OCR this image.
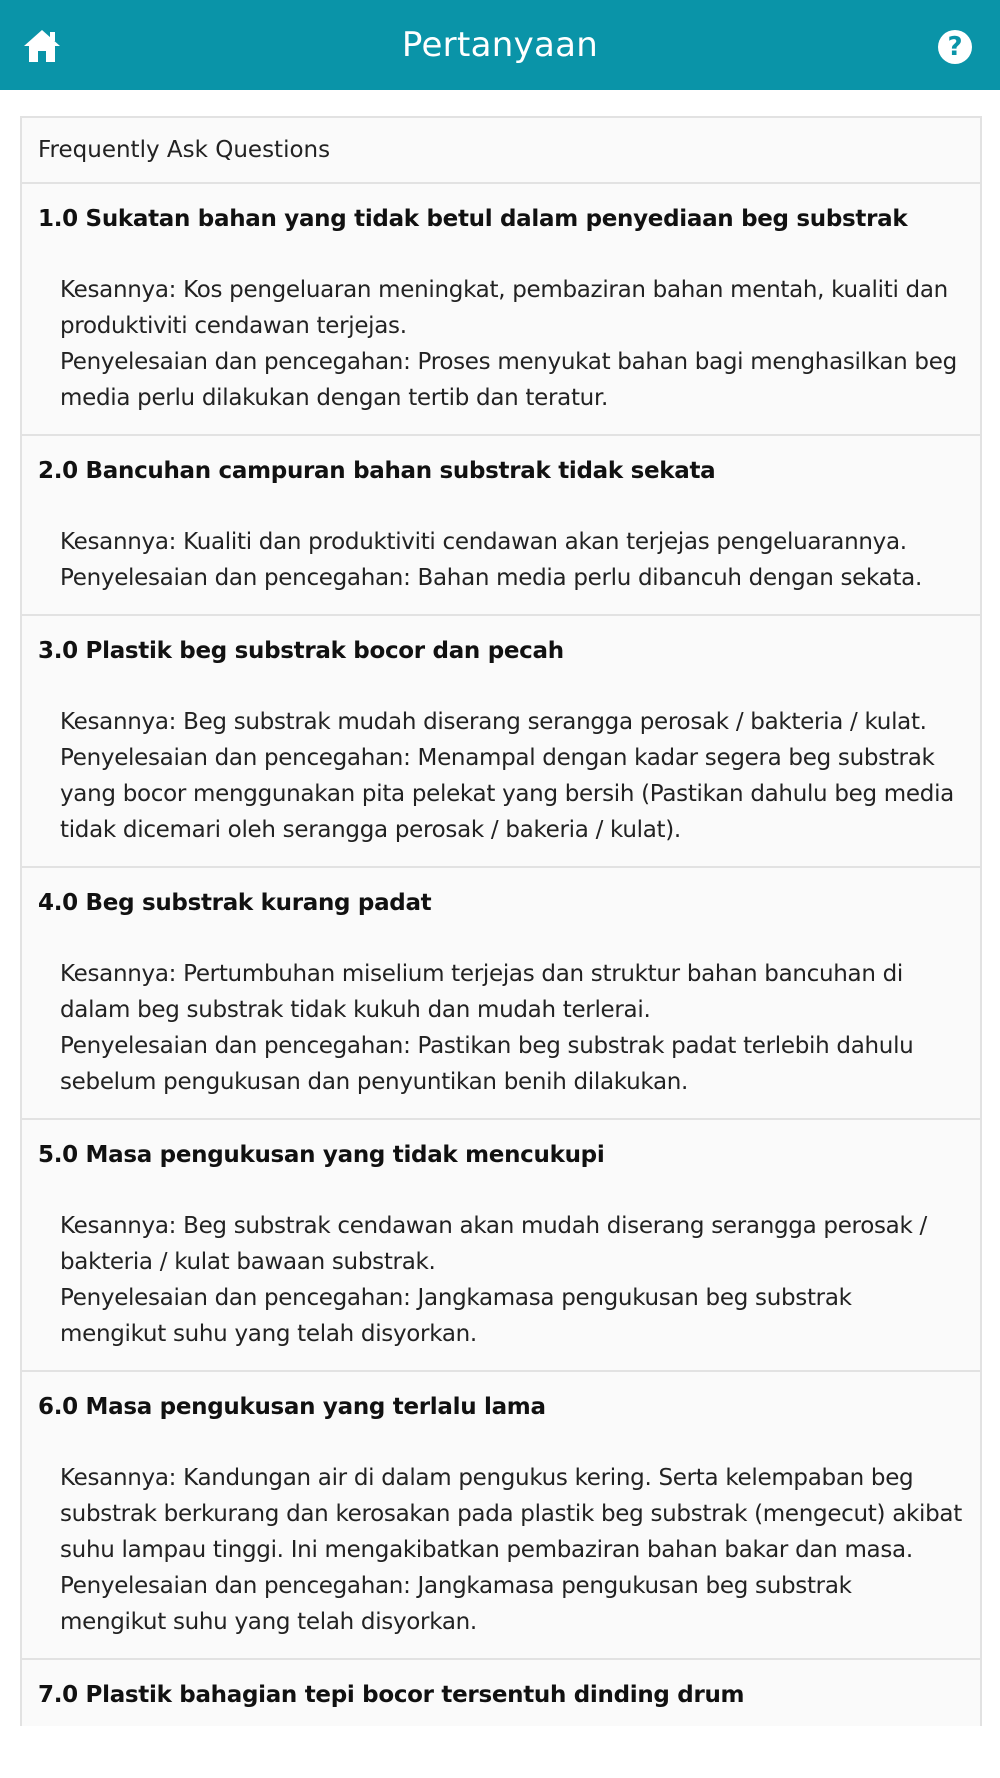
Pertanyaan	?
Frequently Ask Questions
1.0 Sukatan bahan yang tidak betul dalam penyediaan beg substrak
Kesannya: Kos pengeluaran meningkat, pembaziran bahan mentah, kualiti dan produktiviti cendawan terjejas.
Penyelesaian dan pencegahan: Proses menyukat bahan bagi menghasilkan beg media perlu dilakukan dengan tertib dan teratur.
2.0 Bancuhan campuran bahan substrak tidak sekata
Kesannya: Kualiti dan produktiviti cendawan akan terjejas pengeluarannya.
Penyelesaian dan pencegahan: Bahan media perlu dibancuh dengan sekata.
3.0 Plastik beg substrak bocor dan pecah
Kesannya: Beg substrak mudah diserang serangga perosak / bakteria / kulat.
Penyelesaian dan pencegahan: Menampal dengan kadar segera beg substrak yang bocor menggunakan pita pelekat yang bersih (Pastikan dahulu beg media tidak dicemari oleh serangga perosak / bakeria / kulat).
4.0 Beg substrak kurang padat
Kesannya: Pertumbuhan miselium terjejas dan struktur bahan bancuhan di dalam beg substrak tidak kukuh dan mudah terlerai.
Penyelesaian dan pencegahan: Pastikan beg substrak padat terlebih dahulu sebelum pengukusan dan penyuntikan benih dilakukan.
5.0 Masa pengukusan yang tidak mencukupi
Kesannya: Beg substrak cendawan akan mudah diserang serangga perosak / bakteria / kulat bawaan substrak.
Penyelesaian dan pencegahan: Jangkamasa pengukusan beg substrak mengikut suhu yang telah disyorkan.
6.0 Masa pengukusan yang terlalu lama
Kesannya: Kandungan air di dalam pengukus kering. Serta kelempaban beg substrak berkurang dan kerosakan pada plastik beg substrak (mengecut) akibat suhu lampau tinggi. Ini mengakibatkan pembaziran bahan bakar dan masa.
Penyelesaian dan pencegahan: Jangkamasa pengukusan beg substrak mengikut suhu yang telah disyorkan.
7.0 Plastik bahagian tepi bocor tersentuh dinding drum
